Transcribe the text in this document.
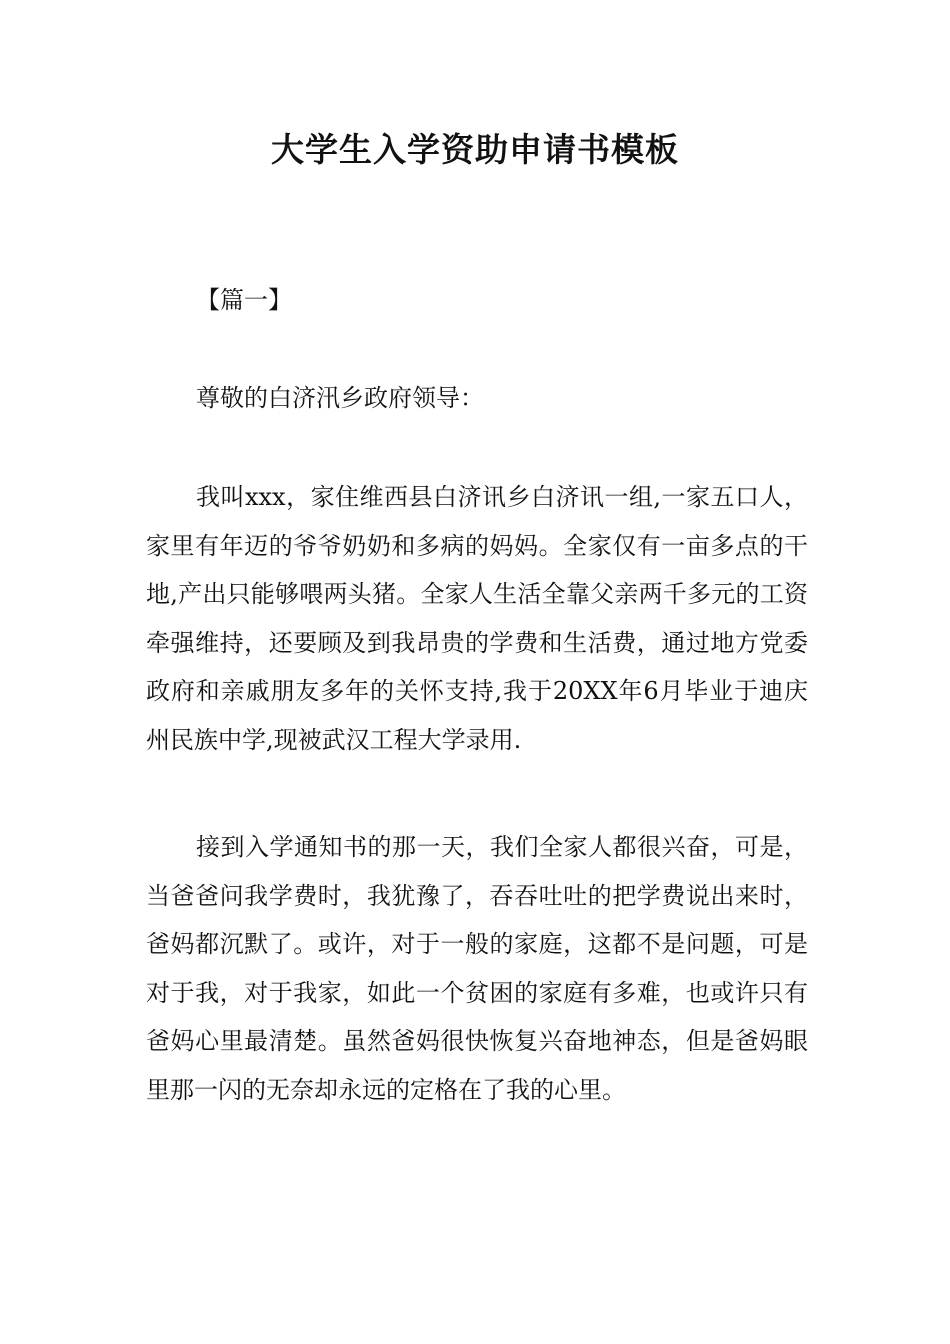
大学生入学资助申请书模板

【篇一】

尊敬的白济汛乡政府领导：

我叫xxx，家住维西县白济讯乡白济讯一组,一家五口人，家里有年迈的爷爷奶奶和多病的妈妈。全家仅有一亩多点的干地,产出只能够喂两头猪。全家人生活全靠父亲两千多元的工资牵强维持，还要顾及到我昂贵的学费和生活费，通过地方党委政府和亲戚朋友多年的关怀支持,我于20XX年6月毕业于迪庆州民族中学,现被武汉工程大学录用.

接到入学通知书的那一天，我们全家人都很兴奋，可是，当爸爸问我学费时，我犹豫了，吞吞吐吐的把学费说出来时，爸妈都沉默了。或许，对于一般的家庭，这都不是问题，可是对于我，对于我家，如此一个贫困的家庭有多难，也或许只有爸妈心里最清楚。虽然爸妈很快恢复兴奋地神态，但是爸妈眼里那一闪的无奈却永远的定格在了我的心里。
